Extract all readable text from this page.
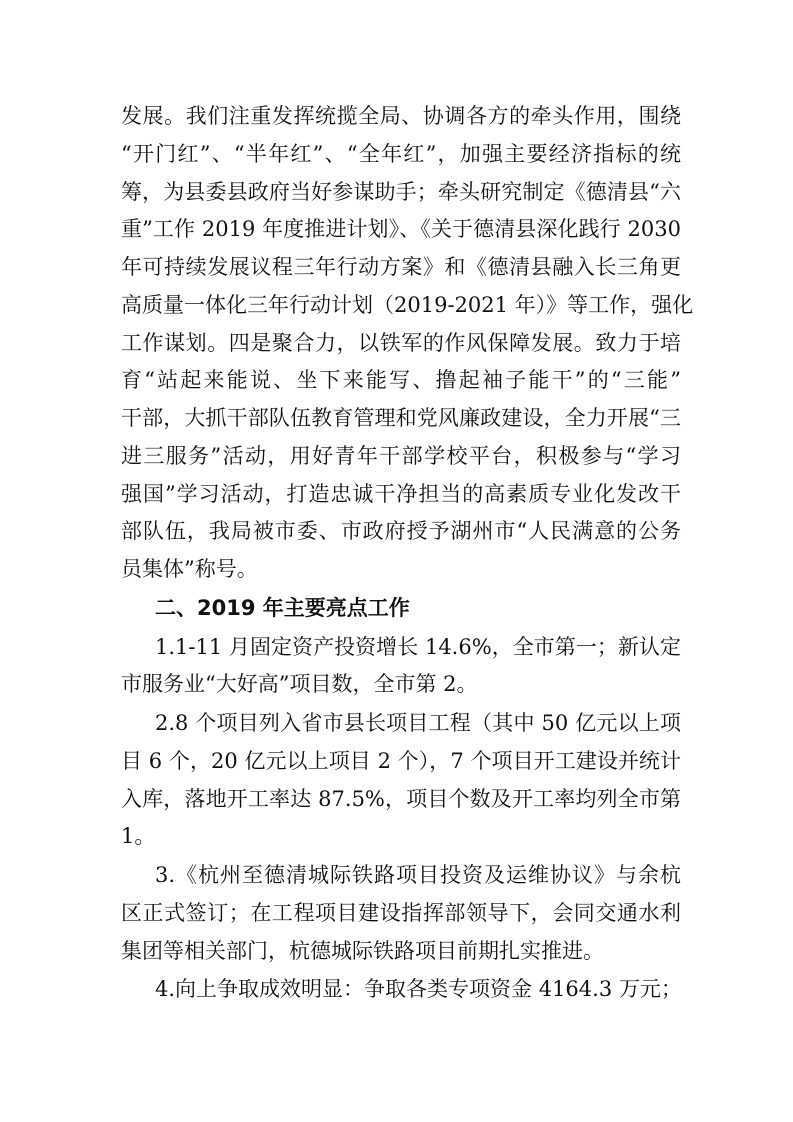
发展。我们注重发挥统揽全局、协调各方的牵头作用，围绕
“开门红”、“半年红”、“全年红”，加强主要经济指标的统
筹，为县委县政府当好参谋助手；牵头研究制定《德清县“六
重”工作 2019 年度推进计划》、《关于德清县深化践行 2030
年可持续发展议程三年行动方案》和《德清县融入长三角更
高质量一体化三年行动计划（2019-2021 年）》等工作，强化
工作谋划。四是聚合力，以铁军的作风保障发展。致力于培
育“站起来能说、坐下来能写、撸起袖子能干”的“三能”
干部，大抓干部队伍教育管理和党风廉政建设，全力开展“三
进三服务”活动，用好青年干部学校平台，积极参与“学习
强国”学习活动，打造忠诚干净担当的高素质专业化发改干
部队伍，我局被市委、市政府授予湖州市“人民满意的公务
员集体”称号。
二、2019 年主要亮点工作
1.1-11 月固定资产投资增长 14.6%，全市第一；新认定
市服务业“大好高”项目数，全市第 2。
2.8 个项目列入省市县长项目工程（其中 50 亿元以上项
目 6 个，20 亿元以上项目 2 个），7 个项目开工建设并统计
入库，落地开工率达 87.5%，项目个数及开工率均列全市第
1。
3.《杭州至德清城际铁路项目投资及运维协议》与余杭
区正式签订；在工程项目建设指挥部领导下，会同交通水利
集团等相关部门，杭德城际铁路项目前期扎实推进。
4.向上争取成效明显：争取各类专项资金 4164.3 万元；
